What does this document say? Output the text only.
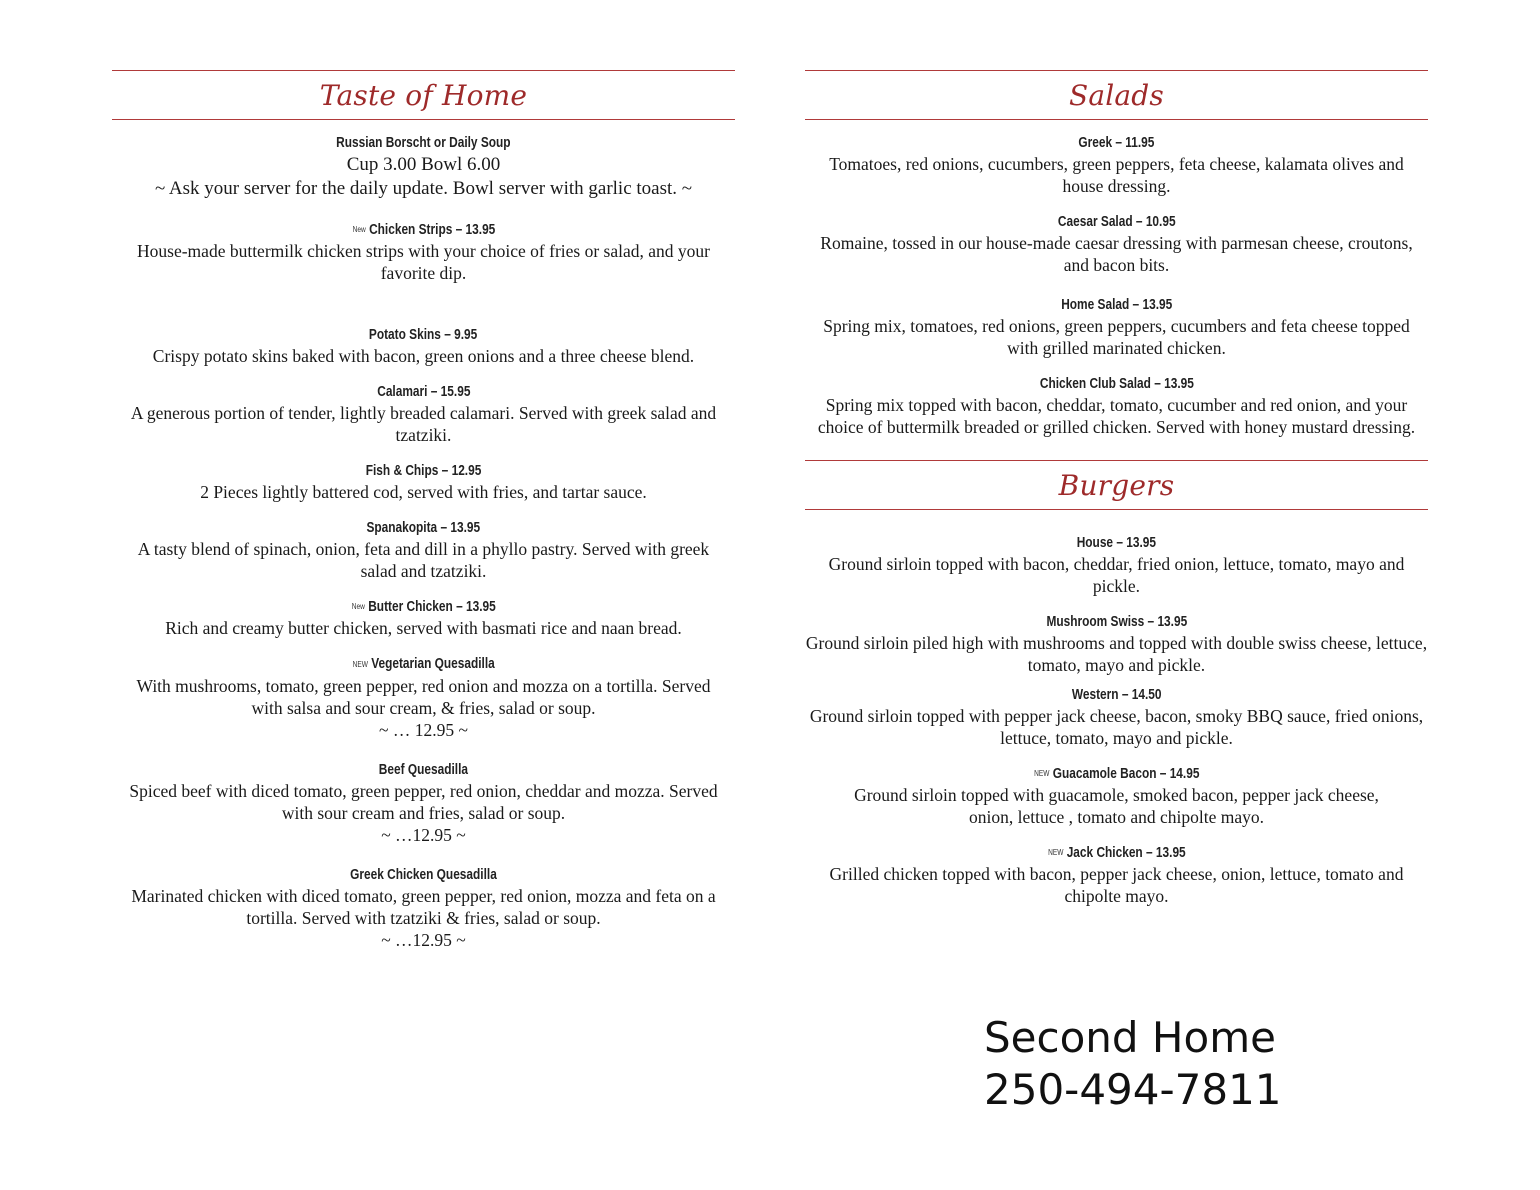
Taste of Home
Russian Borscht or Daily Soup
Cup 3.00 Bowl 6.00
~ Ask your server for the daily update. Bowl server with garlic toast. ~
New Chicken Strips – 13.95
House-made buttermilk chicken strips with your choice of fries or salad, and your favorite dip.
Potato Skins – 9.95
Crispy potato skins baked with bacon, green onions and a three cheese blend.
Calamari – 15.95
A generous portion of tender, lightly breaded calamari. Served with greek salad and tzatziki.
Fish & Chips – 12.95
2 Pieces lightly battered cod, served with fries, and tartar sauce.
Spanakopita – 13.95
A tasty blend of spinach, onion, feta and dill in a phyllo pastry. Served with greek salad and tzatziki.
New Butter Chicken – 13.95
Rich and creamy butter chicken, served with basmati rice and naan bread.
NEW Vegetarian Quesadilla
With mushrooms, tomato, green pepper, red onion and mozza on a tortilla. Served with salsa and sour cream, & fries, salad or soup.
~ … 12.95 ~
Beef Quesadilla
Spiced beef with diced tomato, green pepper, red onion, cheddar and mozza. Served with sour cream and fries, salad or soup.
~ …12.95 ~
Greek Chicken Quesadilla
Marinated chicken with diced tomato, green pepper, red onion, mozza and feta on a tortilla. Served with tzatziki & fries, salad or soup.
~ …12.95 ~
Salads
Greek – 11.95
Tomatoes, red onions, cucumbers, green peppers, feta cheese, kalamata olives and house dressing.
Caesar Salad – 10.95
Romaine, tossed in our house-made caesar dressing with parmesan cheese, croutons, and bacon bits.
Home Salad – 13.95
Spring mix, tomatoes, red onions, green peppers, cucumbers and feta cheese topped with grilled marinated chicken.
Chicken Club Salad – 13.95
Spring mix topped with bacon, cheddar, tomato, cucumber and red onion, and your choice of buttermilk breaded or grilled chicken. Served with honey mustard dressing.
Burgers
House – 13.95
Ground sirloin topped with bacon, cheddar, fried onion, lettuce, tomato, mayo and pickle.
Mushroom Swiss – 13.95
Ground sirloin piled high with mushrooms and topped with double swiss cheese, lettuce, tomato, mayo and pickle.
Western – 14.50
Ground sirloin topped with pepper jack cheese, bacon, smoky BBQ sauce, fried onions, lettuce, tomato, mayo and pickle.
NEW Guacamole Bacon – 14.95
Ground sirloin topped with guacamole, smoked bacon, pepper jack cheese, onion, lettuce , tomato and chipolte mayo.
NEW Jack Chicken – 13.95
Grilled chicken topped with bacon, pepper jack cheese, onion, lettuce, tomato and chipolte mayo.
Second Home
250-494-7811
